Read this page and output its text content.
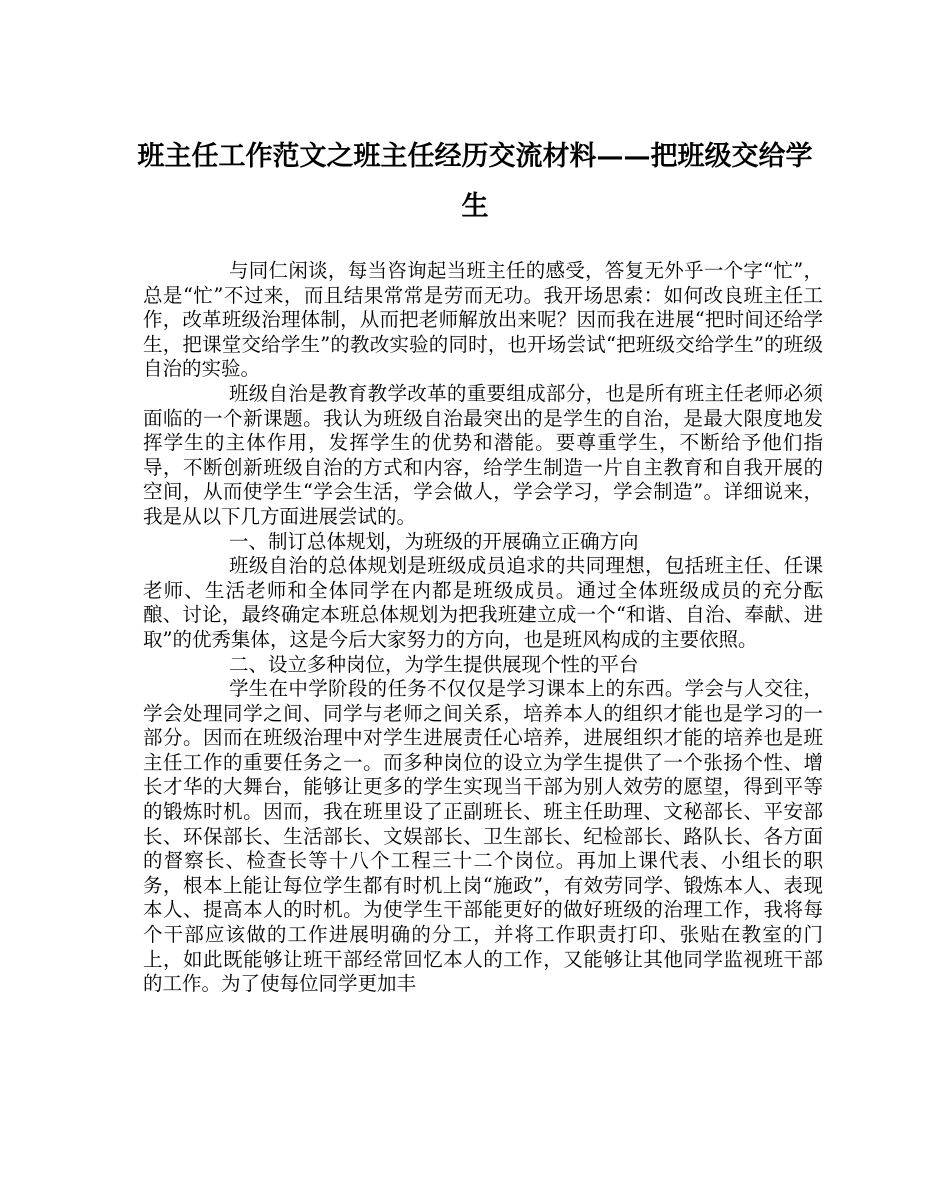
班主任工作范文之班主任经历交流材料——把班级交给学生

与同仁闲谈，每当咨询起当班主任的感受，答复无外乎一个字“忙”，总是“忙”不过来，而且结果常常是劳而无功。我开场思索：如何改良班主任工作，改革班级治理体制，从而把老师解放出来呢？因而我在进展“把时间还给学生，把课堂交给学生”的教改实验的同时，也开场尝试“把班级交给学生”的班级自治的实验。

班级自治是教育教学改革的重要组成部分，也是所有班主任老师必须面临的一个新课题。我认为班级自治最突出的是学生的自治，是最大限度地发挥学生的主体作用，发挥学生的优势和潜能。要尊重学生，不断给予他们指导，不断创新班级自治的方式和内容，给学生制造一片自主教育和自我开展的空间，从而使学生“学会生活，学会做人，学会学习，学会制造”。详细说来，我是从以下几方面进展尝试的。

一、制订总体规划，为班级的开展确立正确方向

班级自治的总体规划是班级成员追求的共同理想，包括班主任、任课老师、生活老师和全体同学在内都是班级成员。通过全体班级成员的充分酝酿、讨论，最终确定本班总体规划为把我班建立成一个“和谐、自治、奉献、进取”的优秀集体，这是今后大家努力的方向，也是班风构成的主要依照。

二、设立多种岗位，为学生提供展现个性的平台

学生在中学阶段的任务不仅仅是学习课本上的东西。学会与人交往，学会处理同学之间、同学与老师之间关系，培养本人的组织才能也是学习的一部分。因而在班级治理中对学生进展责任心培养，进展组织才能的培养也是班主任工作的重要任务之一。而多种岗位的设立为学生提供了一个张扬个性、增长才华的大舞台，能够让更多的学生实现当干部为别人效劳的愿望，得到平等的锻炼时机。因而，我在班里设了正副班长、班主任助理、文秘部长、平安部长、环保部长、生活部长、文娱部长、卫生部长、纪检部长、路队长、各方面的督察长、检查长等十八个工程三十二个岗位。再加上课代表、小组长的职务，根本上能让每位学生都有时机上岗“施政”，有效劳同学、锻炼本人、表现本人、提高本人的时机。为使学生干部能更好的做好班级的治理工作，我将每个干部应该做的工作进展明确的分工，并将工作职责打印、张贴在教室的门上，如此既能够让班干部经常回忆本人的工作，又能够让其他同学监视班干部的工作。为了使每位同学更加丰
